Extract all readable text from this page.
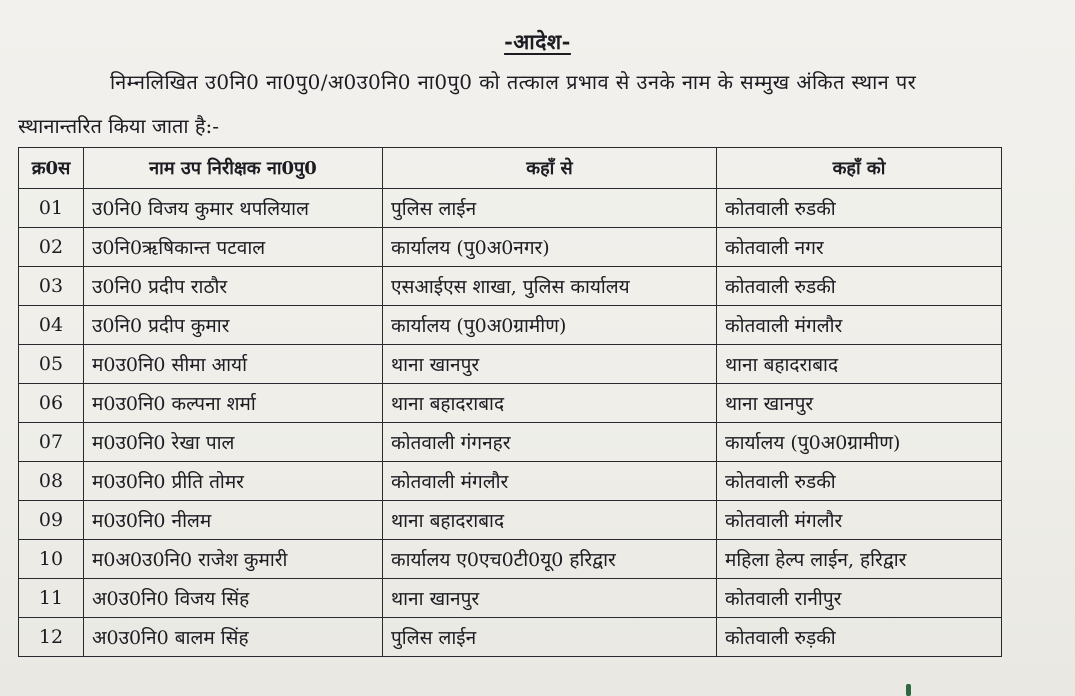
-आदेश-
निम्नलिखित उ0नि0 ना0पु0/अ0उ0नि0 ना0पु0 को तत्काल प्रभाव से उनके नाम के सम्मुख अंकित स्थान पर
स्थानान्तरित किया जाता है:-
क्र0स	नाम उप निरीक्षक ना0पु0	कहाँ से	कहाँ को
01	उ0नि0 विजय कुमार थपलियाल	पुलिस लाईन	कोतवाली रुडकी
02	उ0नि0ऋषिकान्त पटवाल	कार्यालय (पु0अ0नगर)	कोतवाली नगर
03	उ0नि0 प्रदीप राठौर	एसआईएस शाखा, पुलिस कार्यालय	कोतवाली रुडकी
04	उ0नि0 प्रदीप कुमार	कार्यालय (पु0अ0ग्रामीण)	कोतवाली मंगलौर
05	म0उ0नि0 सीमा आर्या	थाना खानपुर	थाना बहादराबाद
06	म0उ0नि0 कल्पना शर्मा	थाना बहादराबाद	थाना खानपुर
07	म0उ0नि0 रेखा पाल	कोतवाली गंगनहर	कार्यालय (पु0अ0ग्रामीण)
08	म0उ0नि0 प्रीति तोमर	कोतवाली मंगलौर	कोतवाली रुडकी
09	म0उ0नि0 नीलम	थाना बहादराबाद	कोतवाली मंगलौर
10	म0अ0उ0नि0 राजेश कुमारी	कार्यालय ए0एच0टी0यू0 हरिद्वार	महिला हेल्प लाईन, हरिद्वार
11	अ0उ0नि0 विजय सिंह	थाना खानपुर	कोतवाली रानीपुर
12	अ0उ0नि0 बालम सिंह	पुलिस लाईन	कोतवाली रुड़की
